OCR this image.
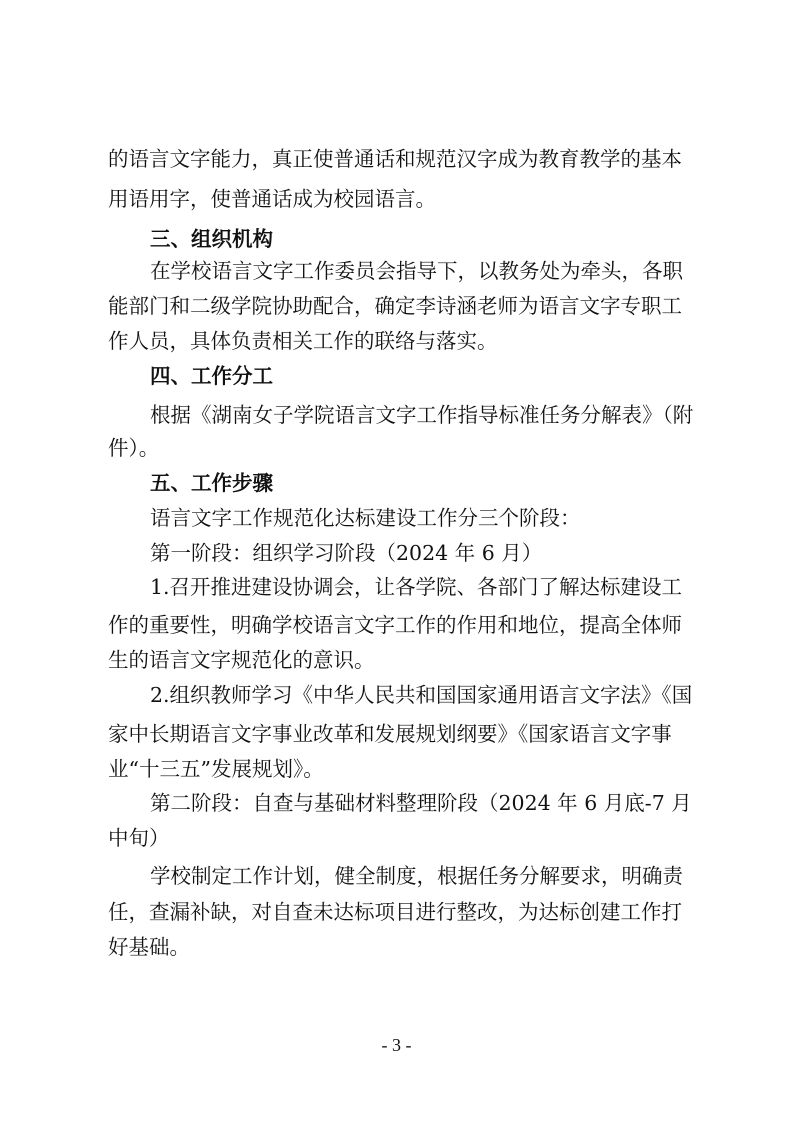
的语言文字能力，真正使普通话和规范汉字成为教育教学的基本
用语用字，使普通话成为校园语言。
三、组织机构
在学校语言文字工作委员会指导下，以教务处为牵头，各职
能部门和二级学院协助配合，确定李诗涵老师为语言文字专职工
作人员，具体负责相关工作的联络与落实。
四、工作分工
根据《湖南女子学院语言文字工作指导标准任务分解表》（附
件）。
五、工作步骤
语言文字工作规范化达标建设工作分三个阶段：
第一阶段：组织学习阶段（2024 年 6 月）
1.召开推进建设协调会，让各学院、各部门了解达标建设工
作的重要性，明确学校语言文字工作的作用和地位，提高全体师
生的语言文字规范化的意识。
2.组织教师学习《中华人民共和国国家通用语言文字法》《国
家中长期语言文字事业改革和发展规划纲要》《国家语言文字事
业“十三五”发展规划》。
第二阶段：自查与基础材料整理阶段（2024 年 6 月底-7 月
中旬）
学校制定工作计划，健全制度，根据任务分解要求，明确责
任，查漏补缺，对自查未达标项目进行整改，为达标创建工作打
好基础。
- 3 -
